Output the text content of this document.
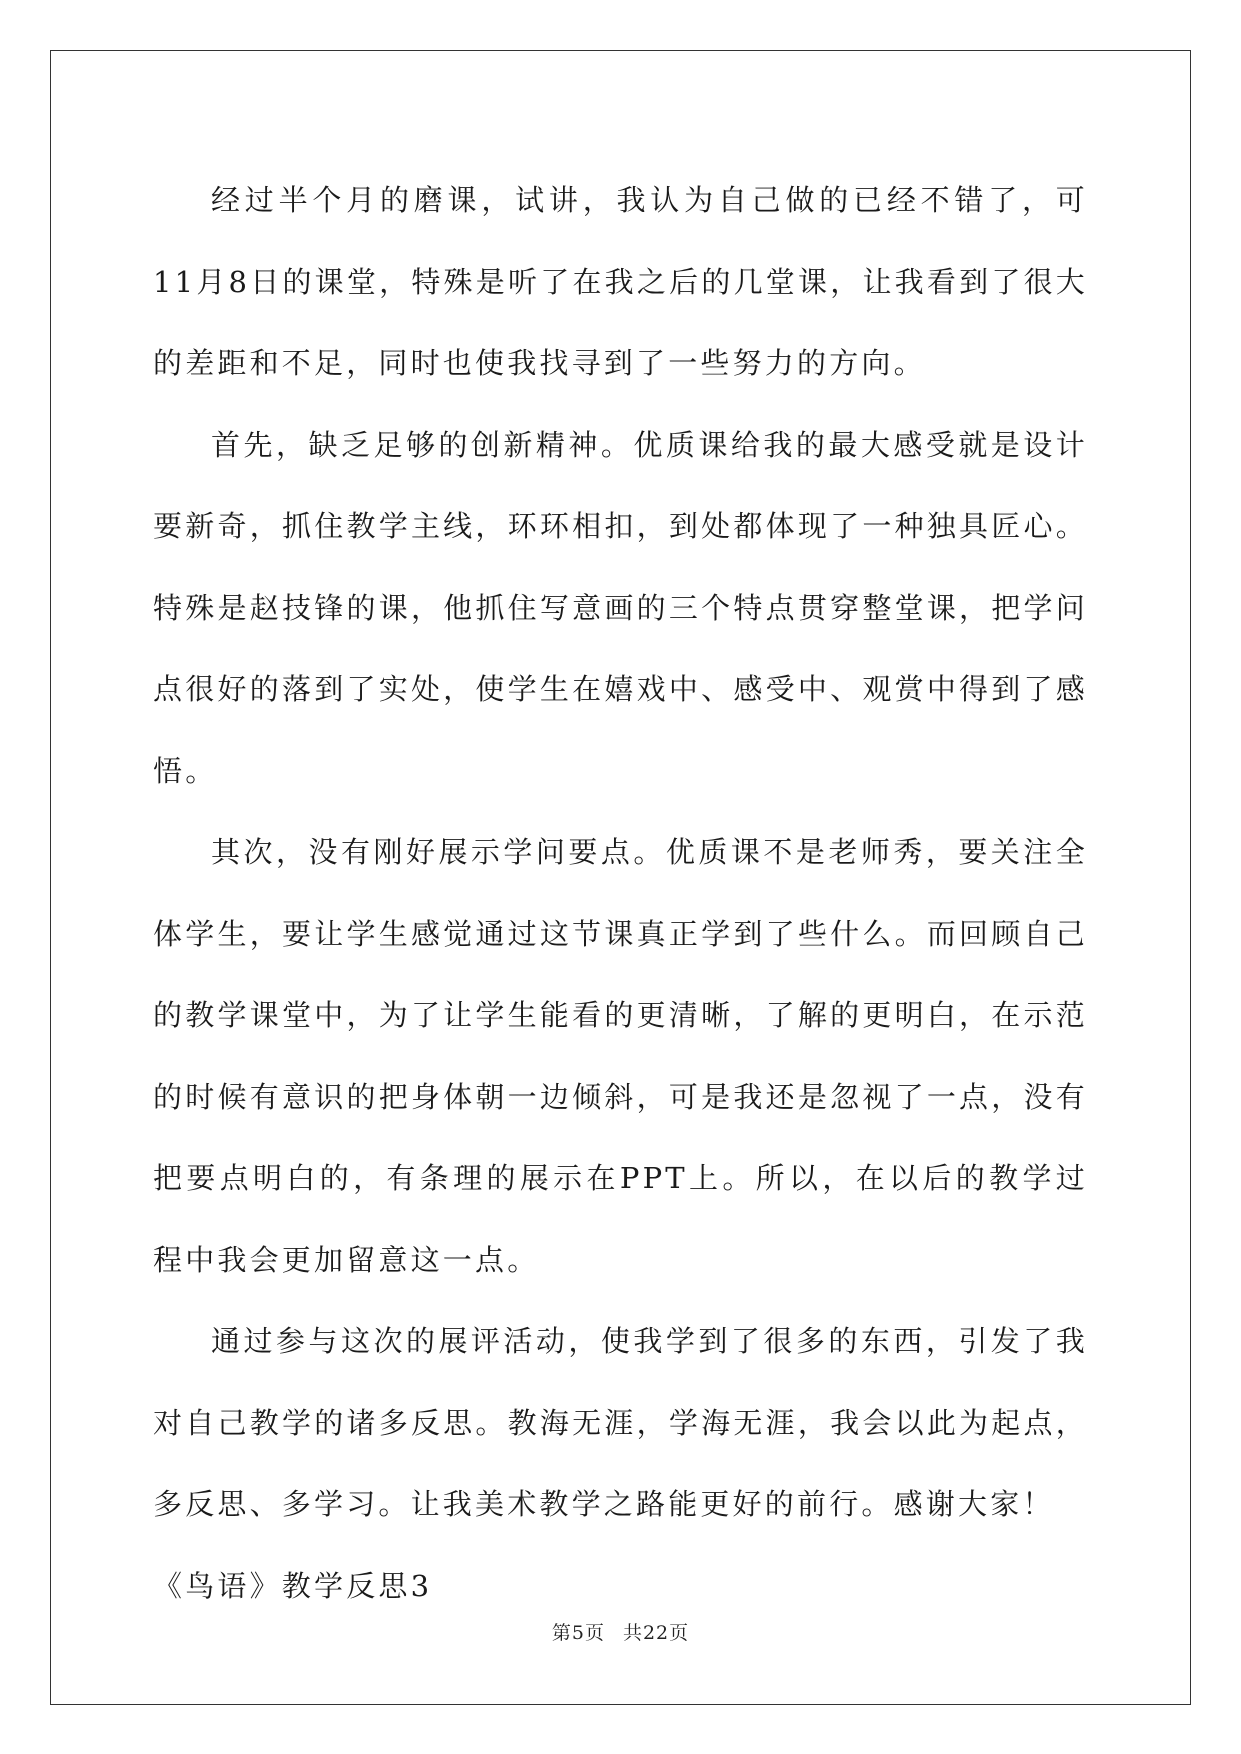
经过半个月的磨课，试讲，我认为自己做的已经不错了，可11月8日的课堂，特殊是听了在我之后的几堂课，让我看到了很大的差距和不足，同时也使我找寻到了一些努力的方向。

首先，缺乏足够的创新精神。优质课给我的最大感受就是设计要新奇，抓住教学主线，环环相扣，到处都体现了一种独具匠心。特殊是赵技锋的课，他抓住写意画的三个特点贯穿整堂课，把学问点很好的落到了实处，使学生在嬉戏中、感受中、观赏中得到了感悟。

其次，没有刚好展示学问要点。优质课不是老师秀，要关注全体学生，要让学生感觉通过这节课真正学到了些什么。而回顾自己的教学课堂中，为了让学生能看的更清晰，了解的更明白，在示范的时候有意识的把身体朝一边倾斜，可是我还是忽视了一点，没有把要点明白的，有条理的展示在PPT上。所以，在以后的教学过程中我会更加留意这一点。

通过参与这次的展评活动，使我学到了很多的东西，引发了我对自己教学的诸多反思。教海无涯，学海无涯，我会以此为起点，多反思、多学习。让我美术教学之路能更好的前行。感谢大家！

《鸟语》教学反思3

第5页 共22页
